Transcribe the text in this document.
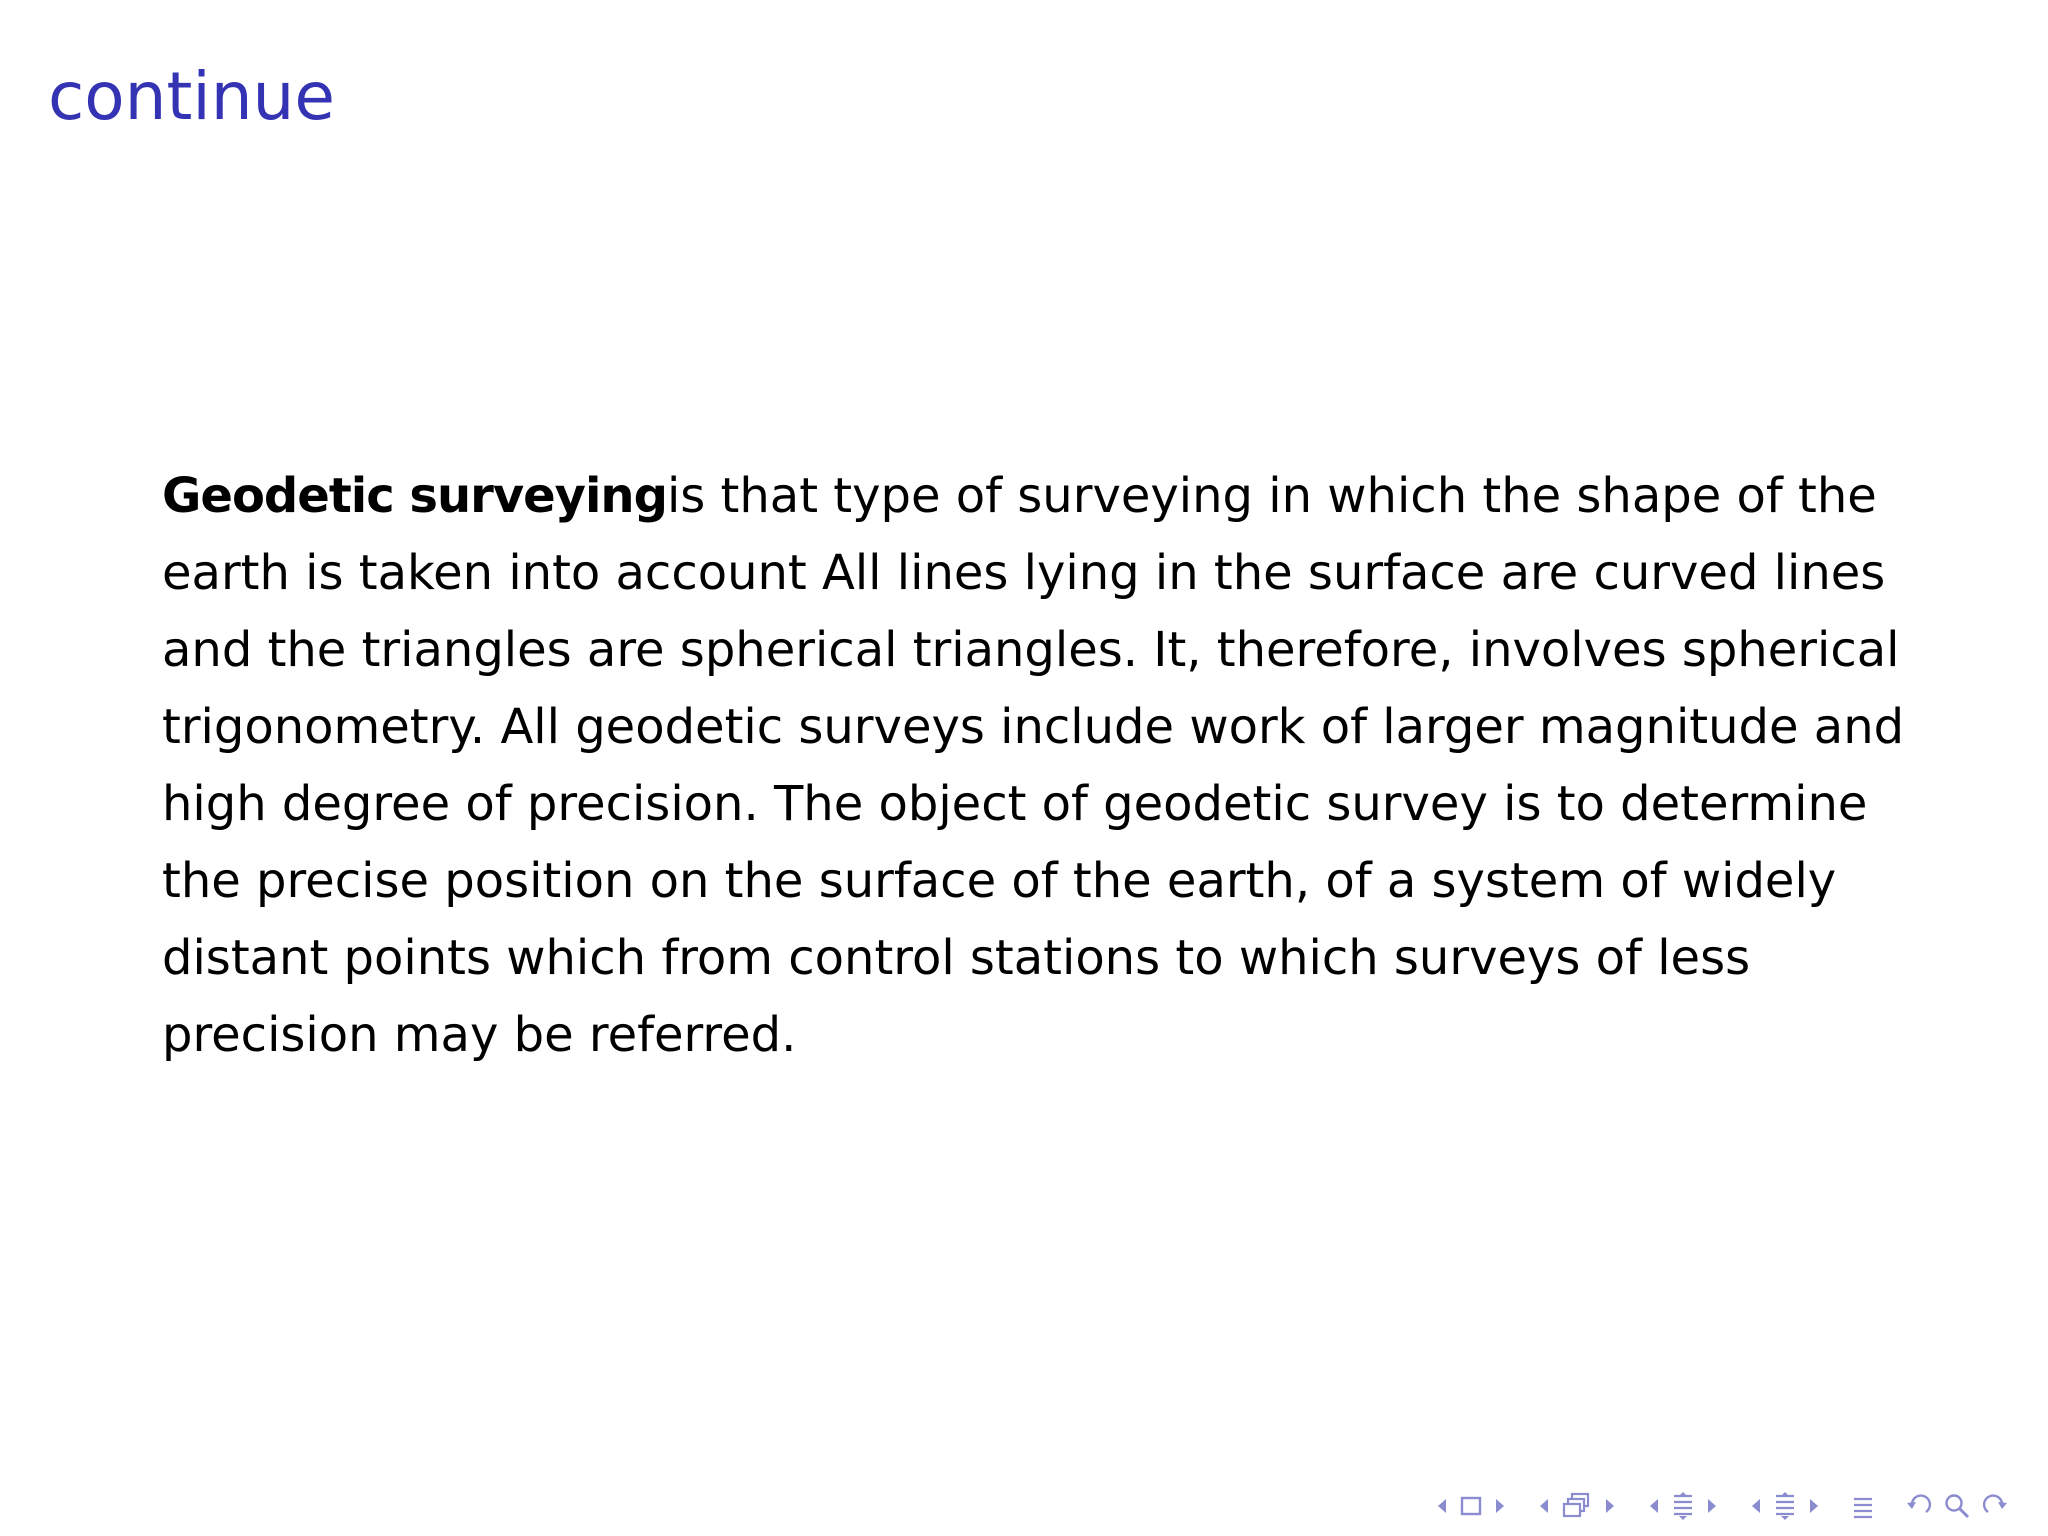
continue
Geodetic surveyingis that type of surveying in which the shape of the
earth is taken into account All lines lying in the surface are curved lines
and the triangles are spherical triangles. It, therefore, involves spherical
trigonometry. All geodetic surveys include work of larger magnitude and
high degree of precision. The object of geodetic survey is to determine
the precise position on the surface of the earth, of a system of widely
distant points which from control stations to which surveys of less
precision may be referred.
